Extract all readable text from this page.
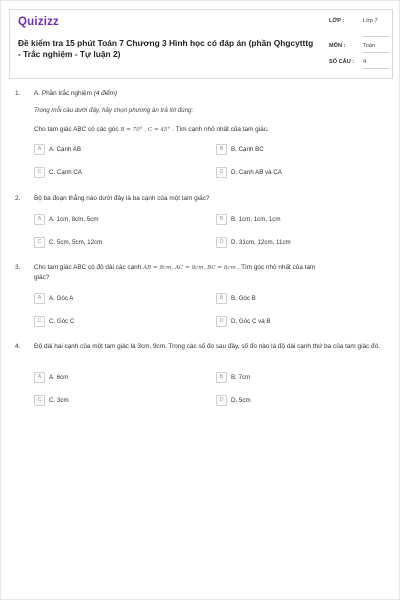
Quizizz
Đề kiểm tra 15 phút Toán 7 Chương 3 Hình học có đáp án (phần Qhgcytttg - Trắc nghiệm - Tự luận 2)
LỚP :	Lớp 7
MÔN :	Toán
SỐ CÂU : 4
1. A. Phần trắc nghiệm (4 điểm)
Trong mỗi câu dưới đây, hãy chọn phương án trả lời đúng:
Cho tam giác ABC có các góc B = 70° , C = 45° . Tìm cạnh nhỏ nhất của tam giác.
A	A. Cạnh AB	B	B. Cạnh BC
C	C. Cạnh CA	D	D. Cạnh AB và CA
2. Bộ ba đoạn thẳng nào dưới đây là ba cạnh của một tam giác?
A	A. 1cm, 8cm, 5cm	B	B. 1cm, 1cm, 1cm
C	C. 5cm, 5cm, 12cm	D	D. 31cm, 12cm, 11cm
3. Cho tam giác ABC có độ dài các cạnh AB = 8cm, AC = 8cm, BC = 6cm . Tìm góc nhỏ nhất của tam
giác?
A	A. Góc A	B	B. Góc B
C	C. Góc C	D	D. Góc C và B
4. Độ dài hai cạnh của một tam giác là 3cm, 9cm. Trong các số đo sau đây, số đo nào là độ dài cạnh thứ ba của tam giác đó.
A	A. 6cm	B	B. 7cm
C	C. 3cm	D	D. 5cm
